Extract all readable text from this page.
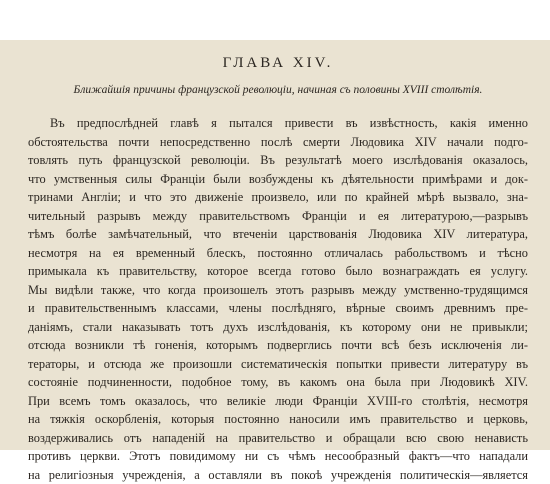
ГЛАВА XIV.
Ближайшія причины французской революціи, начиная съ половины XVIII столѣтія.
Въ предпослѣдней главѣ я пытался привести въ извѣстность, какія именно
обстоятельства почти непосредственно послѣ смерти Людовика XIV начали подго-
товлять путь французской революціи. Въ результатѣ моего изслѣдованія оказалось,
что умственныя силы Франціи были возбуждены къ дѣятельности примѣрами и док-
тринами Англіи; и что это движеніе произвело, или по крайней мѣрѣ вызвало, зна-
чительный разрывъ между правительствомъ Франціи и ея литературою,—разрывъ
тѣмъ болѣе замѣчательный, что втеченіи царствованія Людовика XIV литература,
несмотря на ея временный блескъ, постоянно отличалась рабольствомъ и тѣсно
примыкала къ правительству, которое всегда готово было вознаграждать ея услугу.
Мы видѣли также, что когда произошелъ этотъ разрывъ между умственно-трудящимся
и правительственнымъ классами, члены послѣдняго, вѣрные своимъ древнимъ пре-
даніямъ, стали наказывать тотъ духъ изслѣдованія, къ которому они не привыкли;
отсюда возникли тѣ гоненія, которымъ подверглись почти всѣ безъ исключенія ли-
тераторы, и отсюда же произошли систематическія попытки привести литературу въ
состояніе подчиненности, подобное тому, въ какомъ она была при Людовикѣ XIV.
При всемъ томъ оказалось, что великіе люди Франціи XVIII-го столѣтія, несмотря
на тяжкія оскорбленія, которыя постоянно наносили имъ правительство и церковь,
воздерживались отъ нападеній на правительство и обращали всю свою ненависть
противъ церкви. Этотъ повидимому ни съ чѣмъ несообразный фактъ—что нападали
на религіозныя учрежденія, а оставляли въ покоѣ учрежденія политическія—является
